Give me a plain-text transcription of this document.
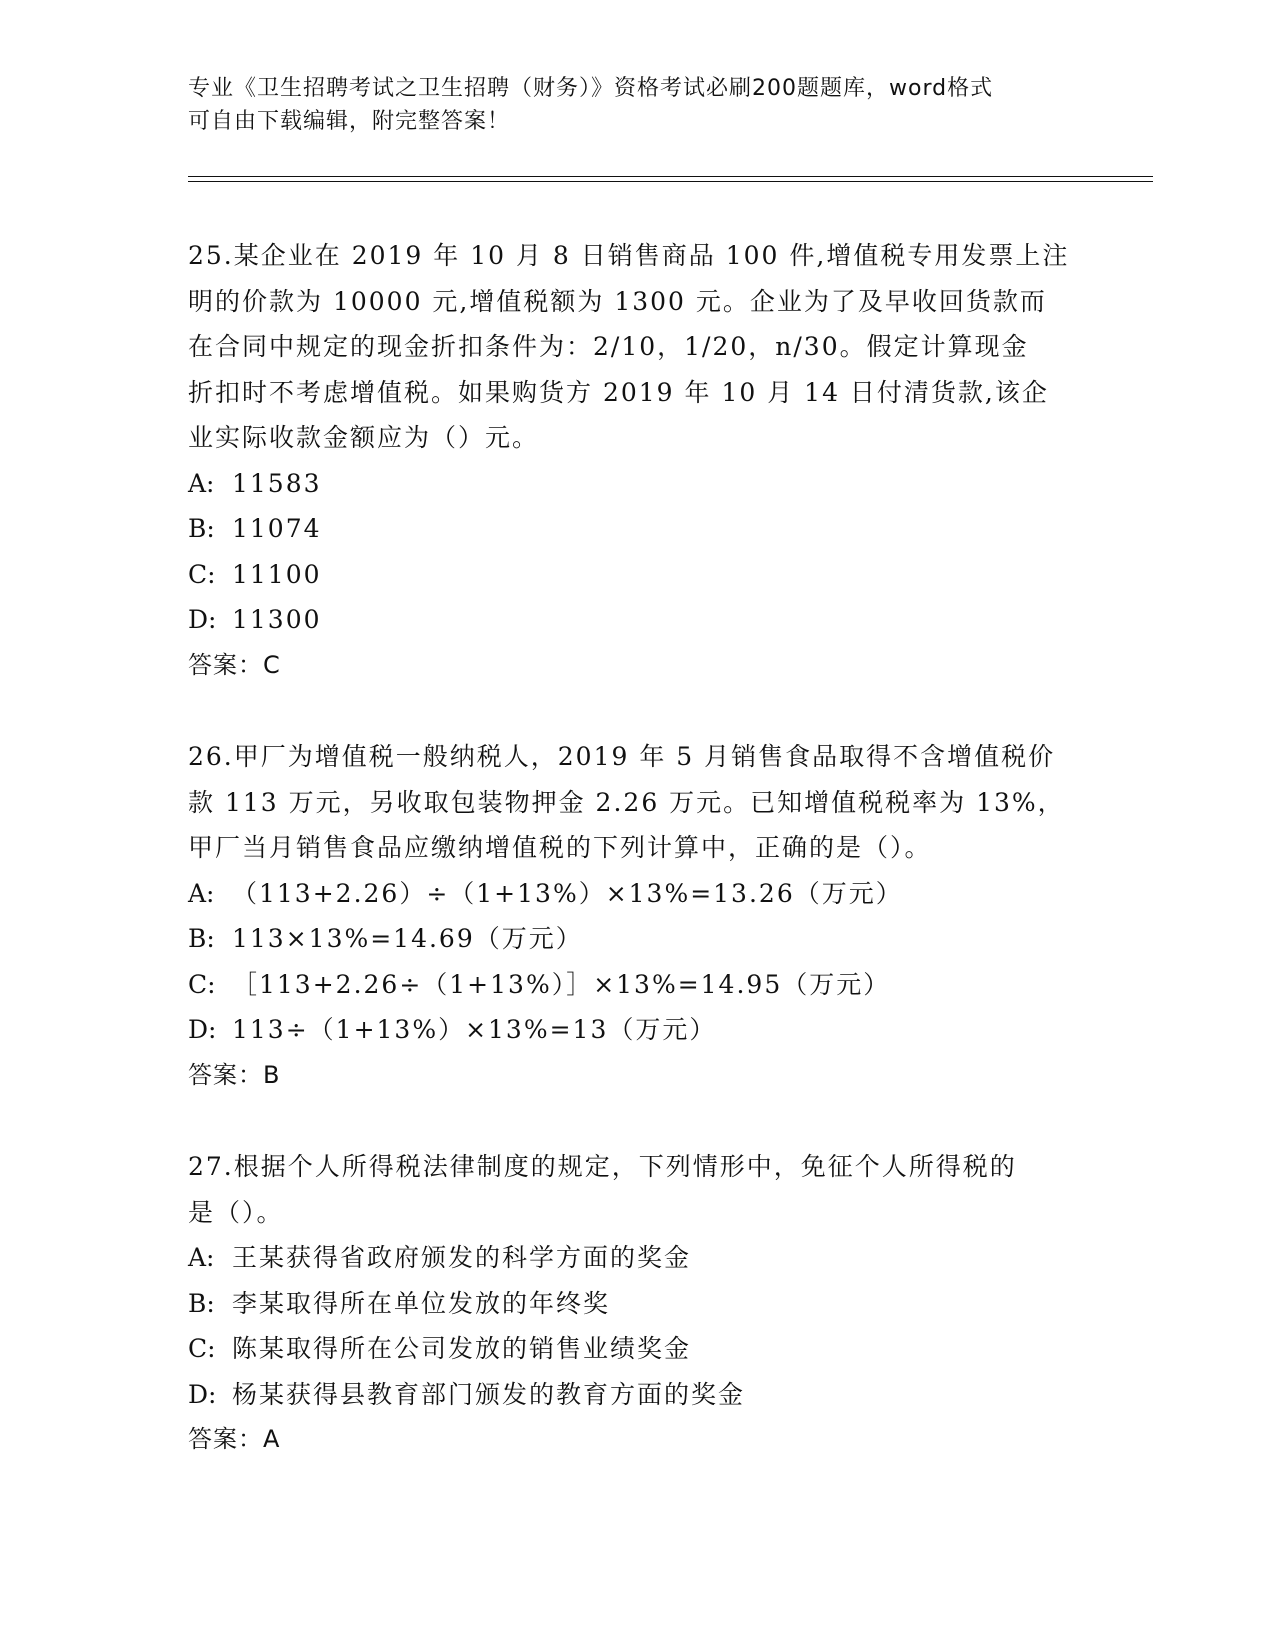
专业《卫生招聘考试之卫生招聘（财务）》资格考试必刷200题题库，word格式
可自由下载编辑，附完整答案！
25.某企业在 2019 年 10 月 8 日销售商品 100 件,增值税专用发票上注
明的价款为 10000 元,增值税额为 1300 元。企业为了及早收回货款而
在合同中规定的现金折扣条件为：2/10，1/20，n/30。假定计算现金
折扣时不考虑增值税。如果购货方 2019 年 10 月 14 日付清货款,该企
业实际收款金额应为（）元。
A: 11583
B: 11074
C: 11100
D: 11300
答案：C
26.甲厂为增值税一般纳税人，2019 年 5 月销售食品取得不含增值税价
款 113 万元，另收取包装物押金 2.26 万元。已知增值税税率为 13%，
甲厂当月销售食品应缴纳增值税的下列计算中，正确的是（）。
A: （113+2.26）÷（1+13%）×13%=13.26（万元）
B: 113×13%=14.69（万元）
C: ［113+2.26÷（1+13%）］×13%=14.95（万元）
D: 113÷（1+13%）×13%=13（万元）
答案：B
27.根据个人所得税法律制度的规定，下列情形中，免征个人所得税的
是（）。
A: 王某获得省政府颁发的科学方面的奖金
B: 李某取得所在单位发放的年终奖
C: 陈某取得所在公司发放的销售业绩奖金
D: 杨某获得县教育部门颁发的教育方面的奖金
答案：A
